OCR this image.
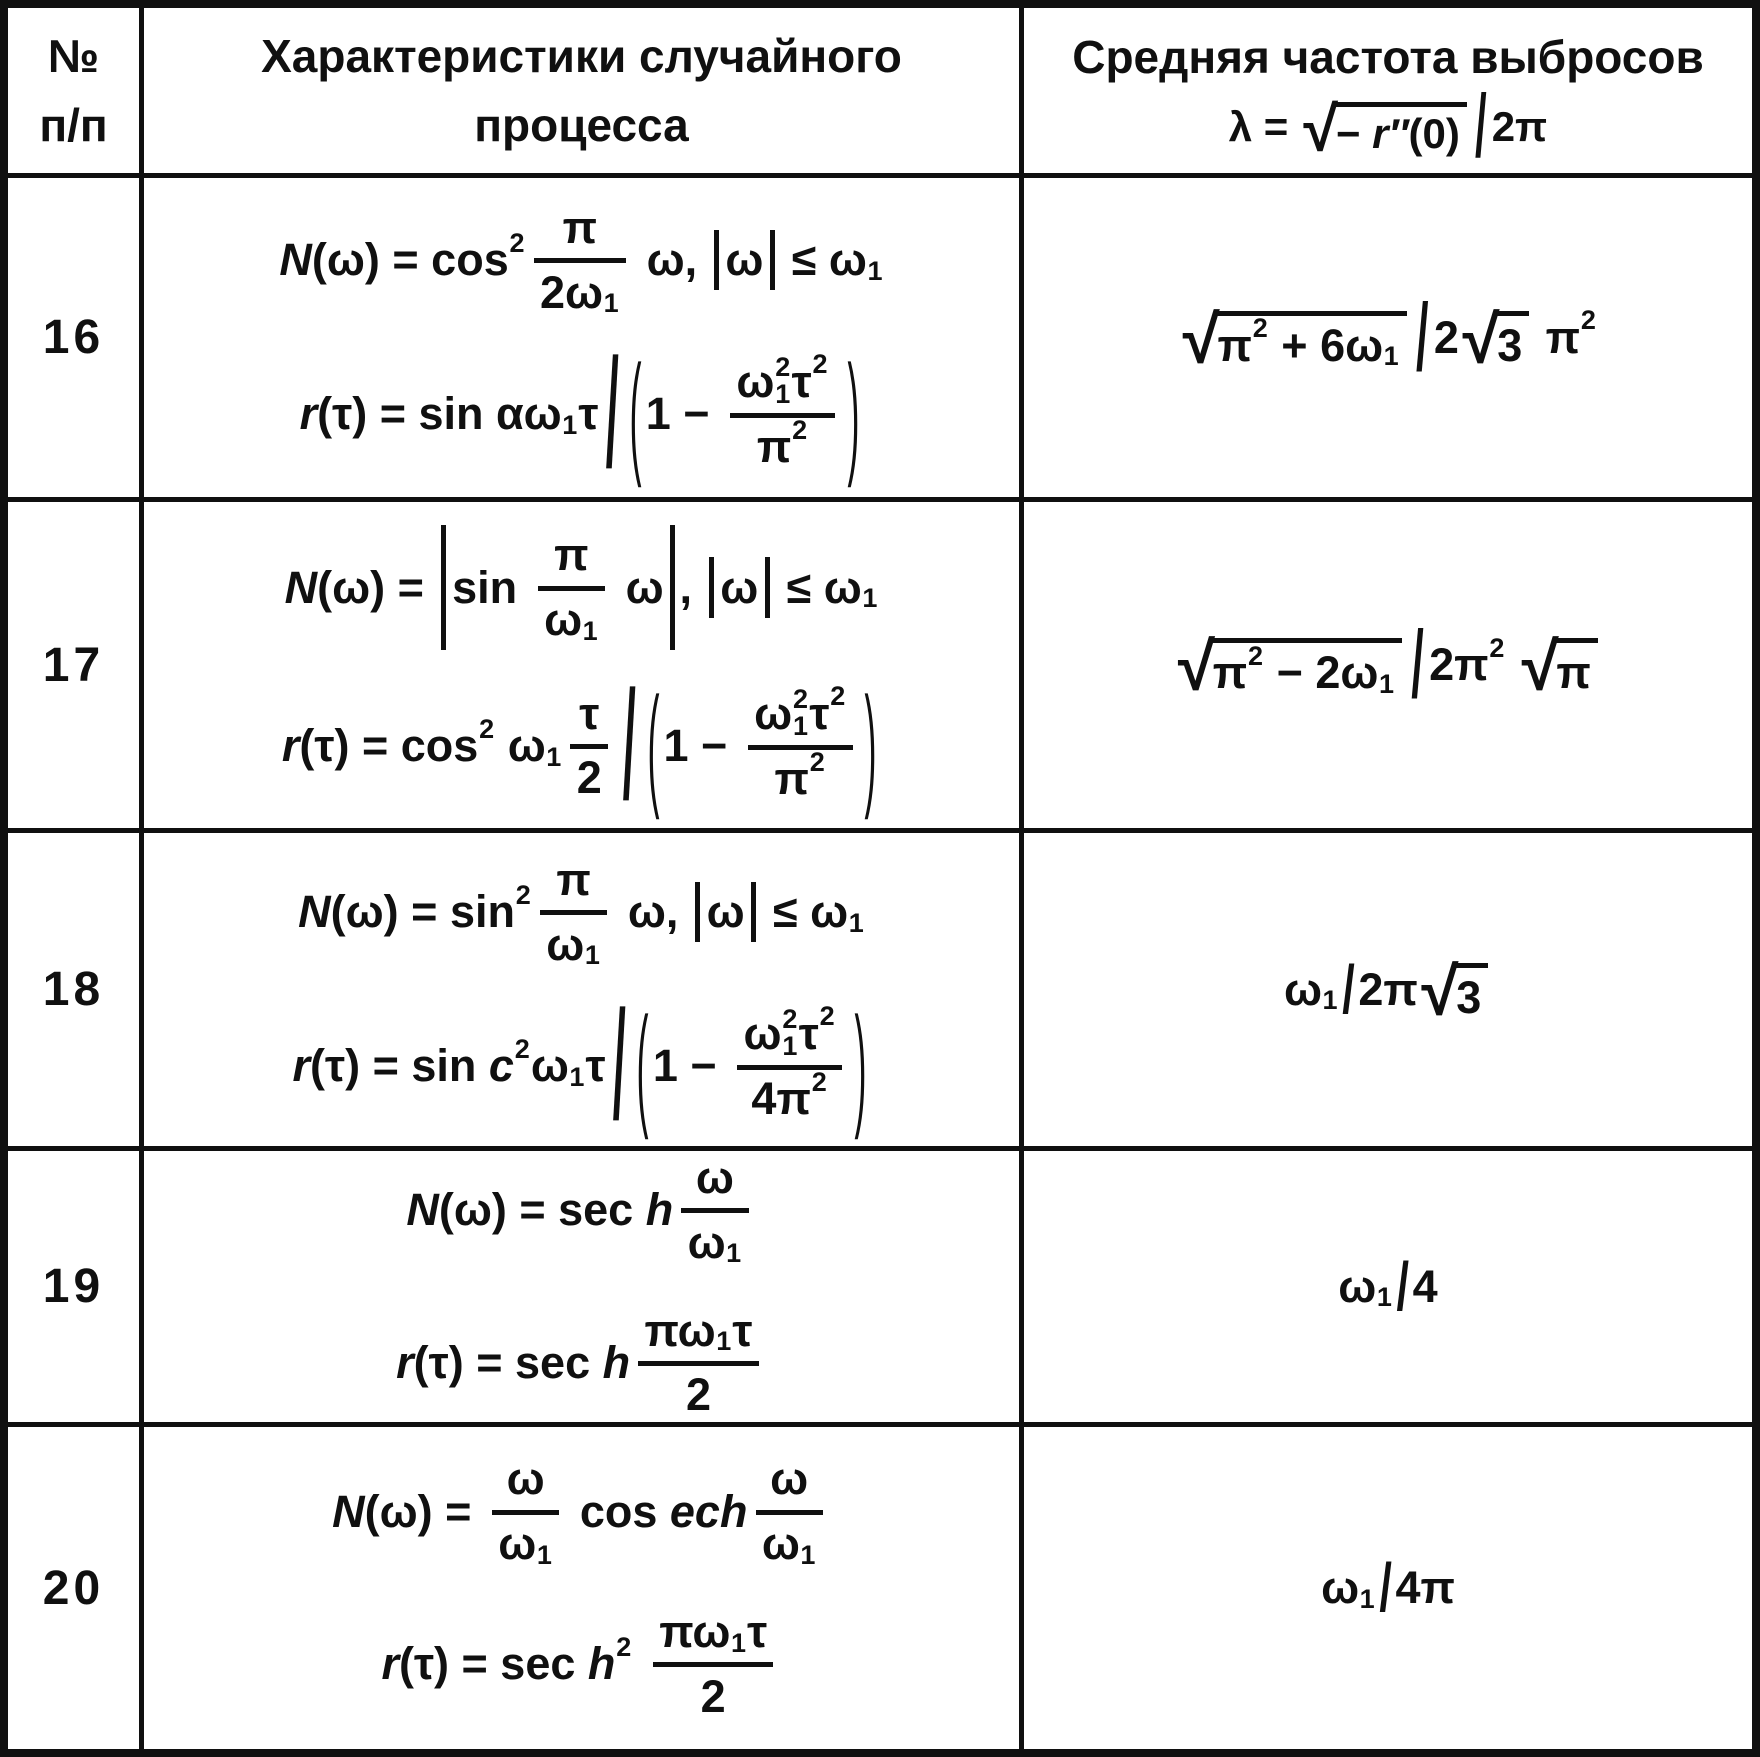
№
п/п
Характеристики случайного
процесса
Средняя частота выбросов
λ = √
− r″ (0) / 2π
16
N $(\omega) = \cos 2 \frac{\pi}{2\omega 1} \omega$, ω ≤ ω 1
r (τ) = sin αω 1 τ / ( 1 − ω 2
1 τ 2
π 2 )	√
π 2 + 6ω 1 / 2 √
3 π 2
17
N $(\omega) = \sin \frac{\pi}{\omega 1}$ ω , ω ≤ ω 1
r (τ) = cos 2 ω $1 \frac{\tau}{2}$ / ( 1 − ω 2
1 τ 2
π 2 )
√
π 2 − 2ω 1 / 2π 2
√
π
18
N $(\omega) = \sin 2 \frac{\pi}{\omega 1} \omega$, ω ≤ ω 1
r (τ) = sin c 2 ω 1 τ / ( 1 − ω 2
1 τ 2
4π 2 )	ω 1 / 2π √
3
19
N (ω) = sec h $\frac{\omega}{\omega 1}$
r (τ) = sec h $\frac{\pi\omega 1 \tau}{2}$
ω 1 / 4
20
N $(\omega) = \frac{\omega}{\omega 1}$ cos ech $\frac{\omega}{\omega 1}$
r (τ) = sec h 2
$\frac{\pi\omega 1 \tau}{2}$
ω 1 / 4π
